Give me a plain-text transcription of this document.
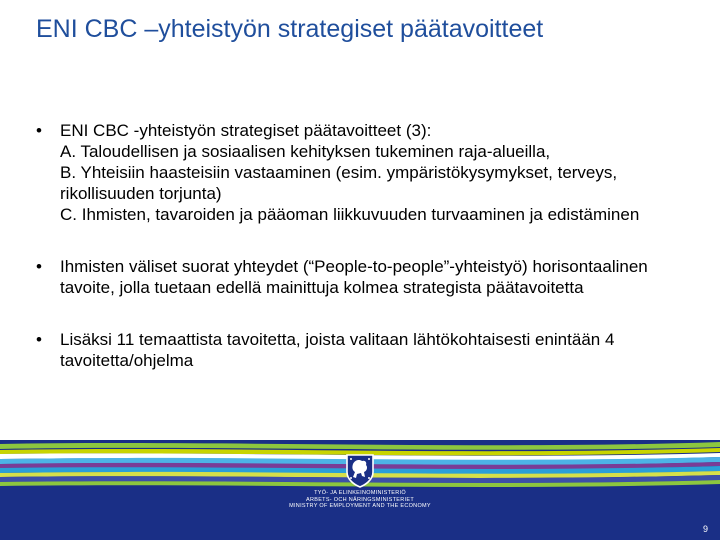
ENI CBC –yhteistyön strategiset päätavoitteet
• ENI CBC -yhteistyön strategiset päätavoitteet (3):
A. Taloudellisen ja sosiaalisen kehityksen tukeminen raja-alueilla,
B. Yhteisiin haasteisiin vastaaminen (esim. ympäristökysymykset, terveys, rikollisuuden torjunta)
C. Ihmisten, tavaroiden ja pääoman liikkuvuuden turvaaminen ja edistäminen
• Ihmisten väliset suorat yhteydet (“People-to-people”-yhteistyö) horisontaalinen tavoite, jolla tuetaan edellä mainittuja kolmea strategista päätavoitetta
• Lisäksi 11 temaattista tavoitetta, joista valitaan lähtökohtaisesti enintään 4 tavoitetta/ohjelma
TYÖ- JA ELINKEINOMINISTERIÖ
ARBETS- OCH NÄRINGSMINISTERIET
MINISTRY OF EMPLOYMENT AND THE ECONOMY
9
